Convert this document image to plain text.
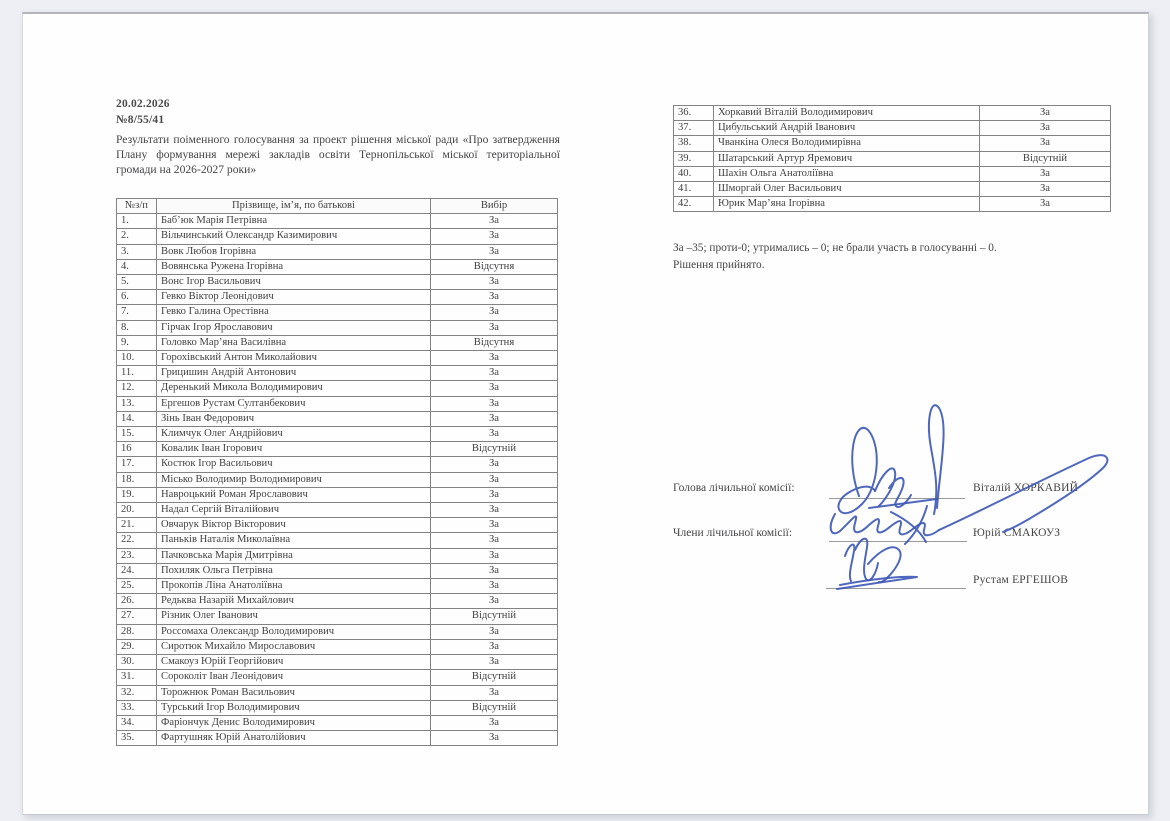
20.02.2026
№8/55/41
Результати поіменного голосування за проект рішення міської ради «Про затвердження Плану формування мережі закладів освіти Тернопільської міської територіальної громади на 2026-2027 роки»
№з/п	Прізвище, ім’я, по батькові	Вибір
1.	Баб’юк Марія Петрівна	За
2.	Вільчинський Олександр Казимирович	За
3.	Вовк Любов Ігорівна	За
4.	Вовянська Ружена Ігорівна	Відсутня
5.	Вонс Ігор Васильович	За
6.	Гевко Віктор Леонідович	За
7.	Гевко Галина Орестівна	За
8.	Гірчак Ігор Ярославович	За
9.	Головко Мар’яна Василівна	Відсутня
10.	Горохівський Антон Миколайович	За
11.	Грицишин Андрій Антонович	За
12.	Деренький Микола Володимирович	За
13.	Ергешов Рустам Султанбекович	За
14.	Зінь Іван Федорович	За
15.	Климчук Олег Андрійович	За
16	Ковалик Іван Ігорович	Відсутній
17.	Костюк Ігор Васильович	За
18.	Місько Володимир Володимирович	За
19.	Навроцький Роман Ярославович	За
20.	Надал Сергій Віталійович	За
21.	Овчарук Віктор Вікторович	За
22.	Паньків Наталія Миколаївна	За
23.	Пачковська Марія Дмитрівна	За
24.	Похиляк Ольга Петрівна	За
25.	Прокопів Ліна Анатоліївна	За
26.	Редьква Назарій Михайлович	За
27.	Різник Олег Іванович	Відсутній
28.	Россомаха Олександр Володимирович	За
29.	Сиротюк Михайло Мирославович	За
30.	Смакоуз Юрій Георгійович	За
31.	Сороколіт Іван Леонідович	Відсутній
32.	Торожнюк Роман Васильович	За
33.	Турський Ігор Володимирович	Відсутній
34.	Фаріончук Денис Володимирович	За
35.	Фартушняк Юрій Анатолійович	За
36.	Хоркавий Віталій Володимирович	За
37.	Цибульський Андрій Іванович	За
38.	Чванкіна Олеся Володимирівна	За
39.	Шатарський Артур Яремович	Відсутній
40.	Шахін Ольга Анатоліївна	За
41.	Шморгай Олег Васильович	За
42.	Юрик Мар’яна Ігорівна	За
За –35; проти-0; утримались – 0; не брали участь в голосуванні – 0.
Рішення прийнято.
Голова лічильної комісії:	Віталій ХОРКАВИЙ
Члени лічильної комісії:	Юрій СМАКОУЗ
Рустам ЕРГЕШОВ
